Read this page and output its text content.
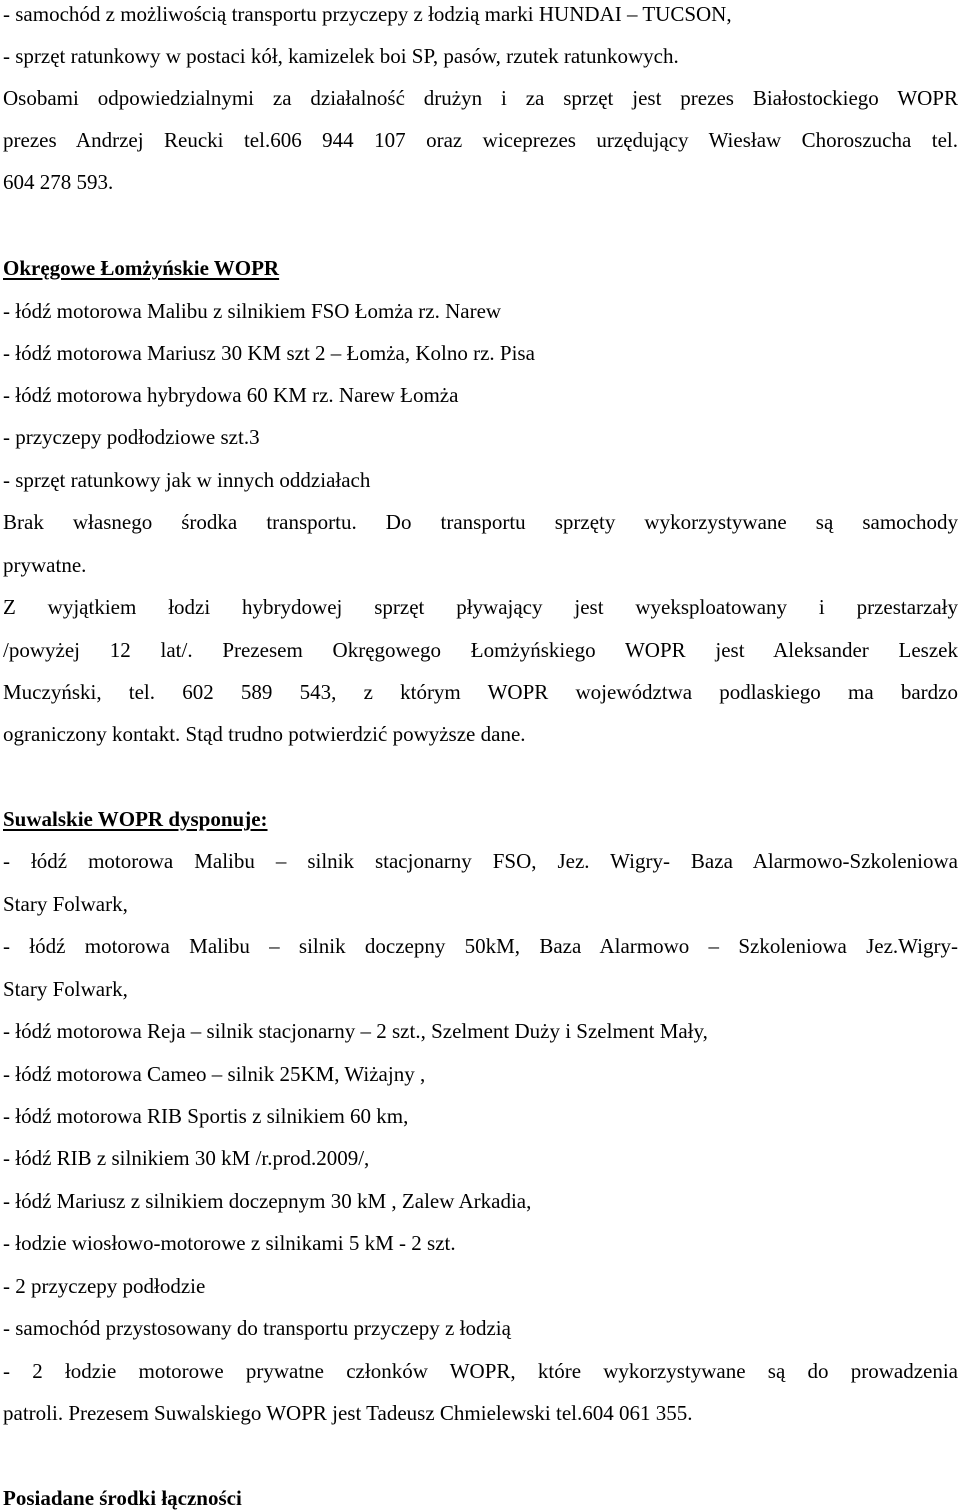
- samochód z możliwością transportu przyczepy z łodzią marki HUNDAI – TUCSON,
- sprzęt ratunkowy w postaci kół, kamizelek boi SP, pasów, rzutek ratunkowych.
Osobami odpowiedzialnymi za działalność drużyn i za sprzęt jest prezes Białostockiego WOPR
prezes Andrzej Reucki tel.606 944 107 oraz wiceprezes urzędujący Wiesław Choroszucha tel.
604 278 593.
Okręgowe Łomżyńskie WOPR
- łódź motorowa Malibu z silnikiem FSO Łomża rz. Narew
- łódź motorowa Mariusz 30 KM szt 2 – Łomża, Kolno rz. Pisa
- łódź motorowa hybrydowa 60 KM rz. Narew Łomża
- przyczepy podłodziowe szt.3
- sprzęt ratunkowy jak w innych oddziałach
Brak własnego środka transportu. Do transportu sprzęty wykorzystywane są samochody
prywatne.
Z wyjątkiem łodzi hybrydowej sprzęt pływający jest wyeksploatowany i przestarzały
/powyżej 12 lat/. Prezesem Okręgowego Łomżyńskiego WOPR jest Aleksander Leszek
Muczyński, tel. 602 589 543, z którym WOPR województwa podlaskiego ma bardzo
ograniczony kontakt. Stąd trudno potwierdzić powyższe dane.
Suwalskie WOPR dysponuje:
- łódź motorowa Malibu – silnik stacjonarny FSO, Jez. Wigry- Baza Alarmowo-Szkoleniowa
Stary Folwark,
- łódź motorowa Malibu – silnik doczepny 50kM, Baza Alarmowo – Szkoleniowa Jez.Wigry-
Stary Folwark,
- łódź motorowa Reja – silnik stacjonarny – 2 szt., Szelment Duży i Szelment Mały,
- łódź motorowa Cameo – silnik 25KM, Wiżajny ,
- łódź motorowa RIB Sportis z silnikiem 60 km,
- łódź RIB z silnikiem 30 kM /r.prod.2009/,
- łódź Mariusz z silnikiem doczepnym 30 kM , Zalew Arkadia,
- łodzie wiosłowo-motorowe z silnikami 5 kM - 2 szt.
- 2 przyczepy podłodzie
- samochód przystosowany do transportu przyczepy z łodzią
- 2 łodzie motorowe prywatne członków WOPR, które wykorzystywane są do prowadzenia
patroli. Prezesem Suwalskiego WOPR jest Tadeusz Chmielewski tel.604 061 355.
Posiadane środki łączności
